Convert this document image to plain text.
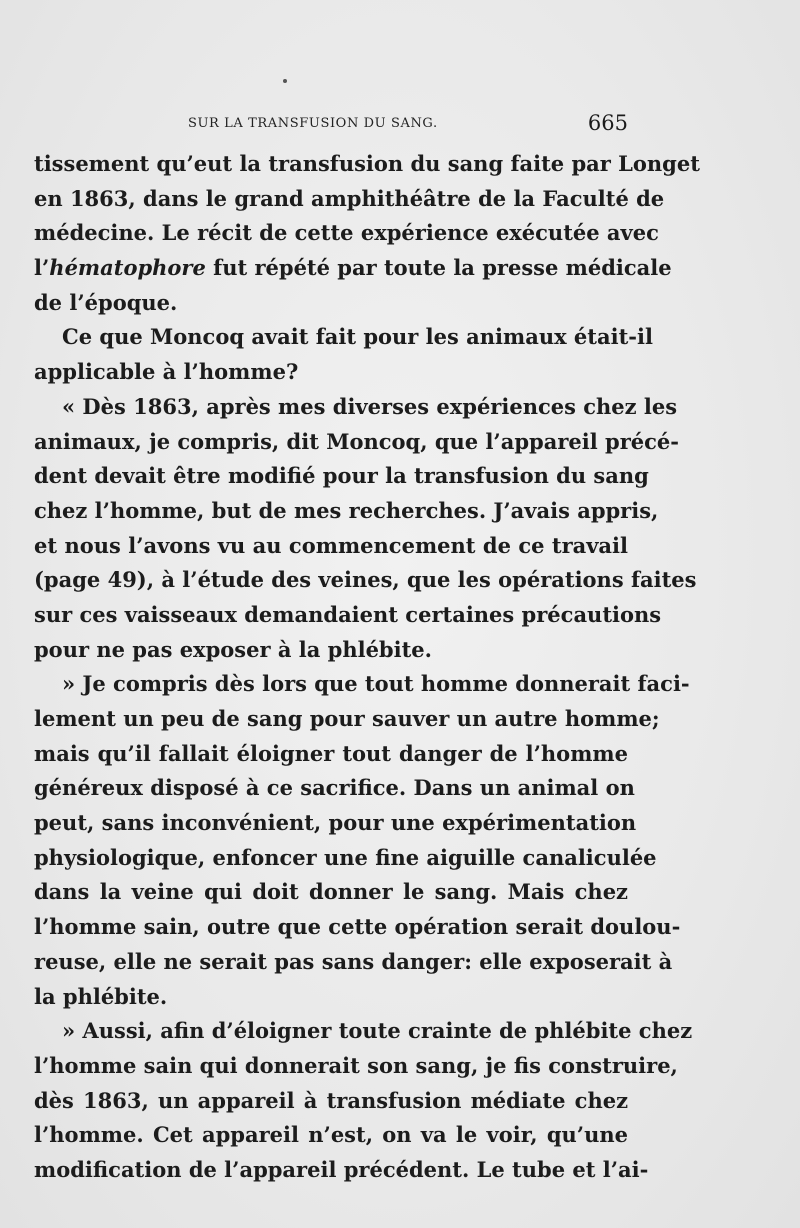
SUR LA TRANSFUSION DU SANG.	665
tissement qu’eut la transfusion du sang faite par Longet
en 1863, dans le grand amphithéâtre de la Faculté de
médecine. Le récit de cette expérience exécutée avec
l’hématophore fut répété par toute la presse médicale
de l’époque.
Ce que Moncoq avait fait pour les animaux était-il
applicable à l’homme?
« Dès 1863, après mes diverses expériences chez les
animaux, je compris, dit Moncoq, que l’appareil précé-
dent devait être modifié pour la transfusion du sang
chez l’homme, but de mes recherches. J’avais appris,
et nous l’avons vu au commencement de ce travail
(page 49), à l’étude des veines, que les opérations faites
sur ces vaisseaux demandaient certaines précautions
pour ne pas exposer à la phlébite.
» Je compris dès lors que tout homme donnerait faci-
lement un peu de sang pour sauver un autre homme;
mais qu’il fallait éloigner tout danger de l’homme
généreux disposé à ce sacrifice. Dans un animal on
peut, sans inconvénient, pour une expérimentation
physiologique, enfoncer une fine aiguille canaliculée
dans la veine qui doit donner le sang. Mais chez
l’homme sain, outre que cette opération serait doulou-
reuse, elle ne serait pas sans danger: elle exposerait à
la phlébite.
» Aussi, afin d’éloigner toute crainte de phlébite chez
l’homme sain qui donnerait son sang, je fis construire,
dès 1863, un appareil à transfusion médiate chez
l’homme. Cet appareil n’est, on va le voir, qu’une
modification de l’appareil précédent. Le tube et l’ai-
